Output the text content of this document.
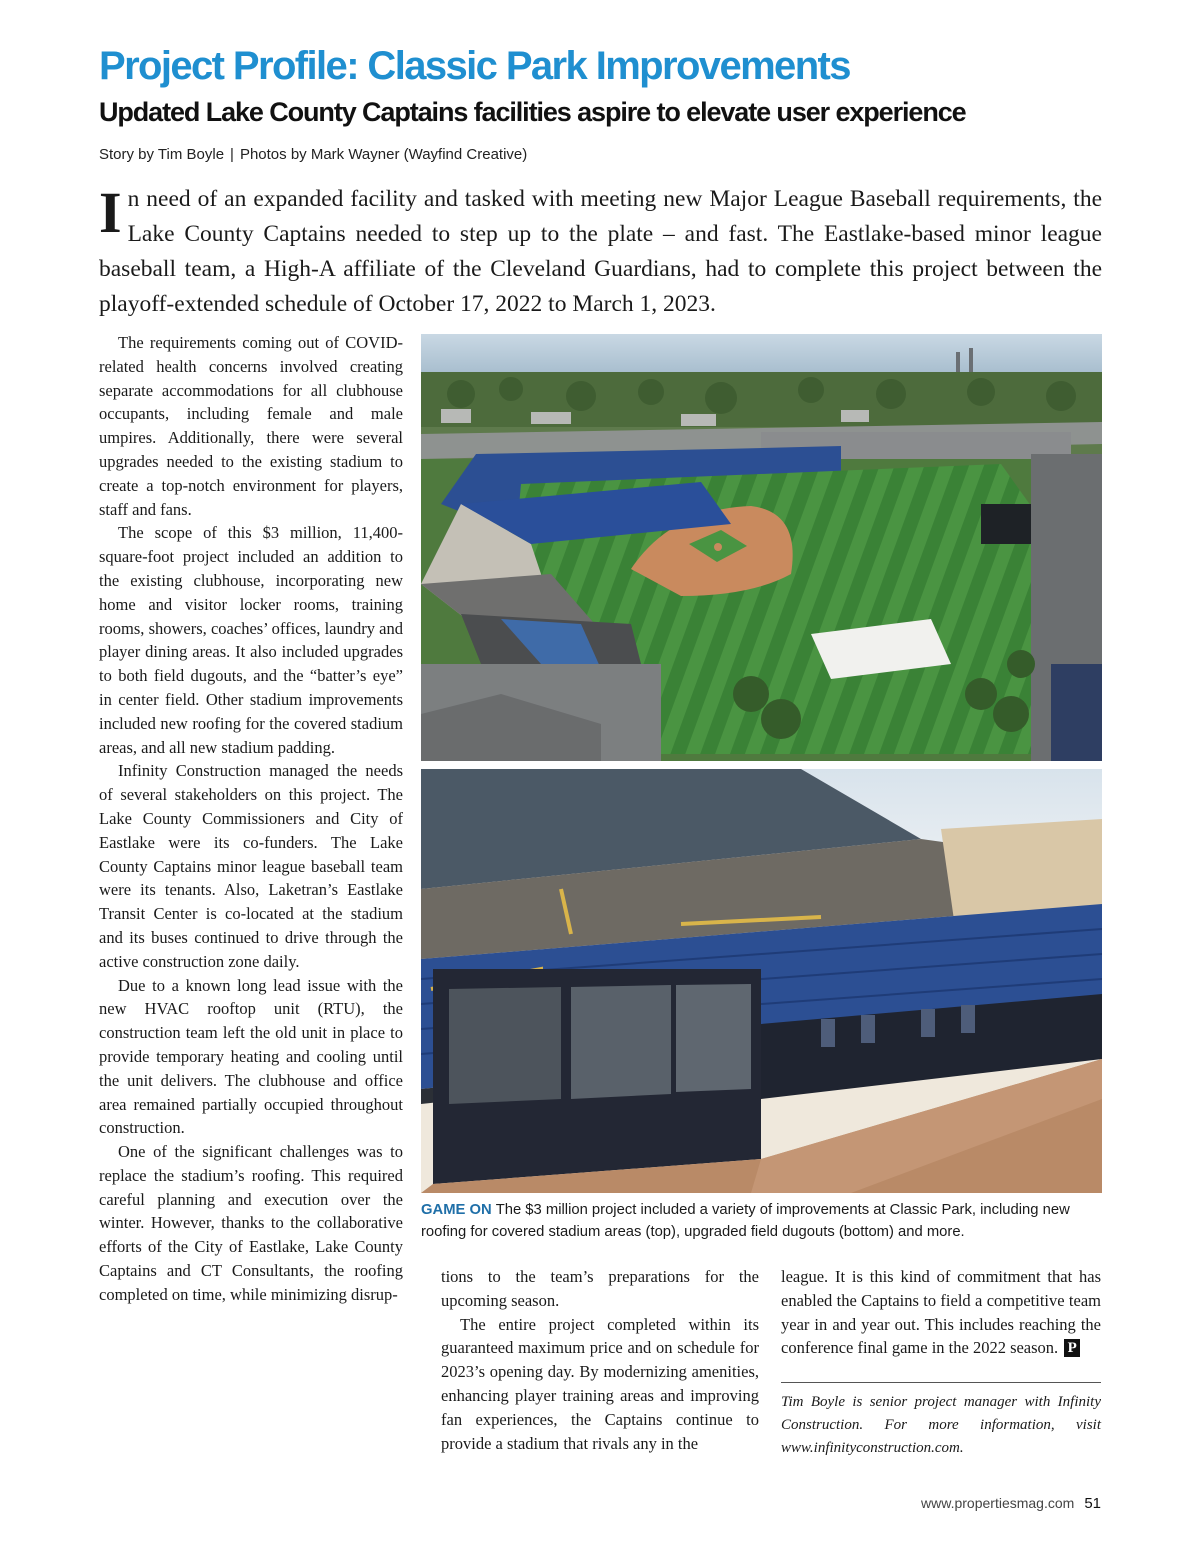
Project Profile: Classic Park Improvements
Updated Lake County Captains facilities aspire to elevate user experience
Story by Tim Boyle | Photos by Mark Wayner (Wayfind Creative)
In need of an expanded facility and tasked with meeting new Major League Baseball requirements, the Lake County Captains needed to step up to the plate – and fast. The Eastlake-based minor league baseball team, a High-A affiliate of the Cleveland Guardians, had to complete this project between the playoff-extended schedule of October 17, 2022 to March 1, 2023.

The requirements coming out of COVID-related health concerns involved creating separate accommodations for all clubhouse occupants, including female and male umpires. Additionally, there were several upgrades needed to the existing stadium to create a top-notch environment for players, staff and fans.

The scope of this $3 million, 11,400-square-foot project included an addition to the existing clubhouse, incorporating new home and visitor locker rooms, training rooms, showers, coaches’ offices, laundry and player dining areas. It also included upgrades to both field dugouts, and the “batter’s eye” in center field. Other stadium improvements included new roofing for the covered stadium areas, and all new stadium padding.

Infinity Construction managed the needs of several stakeholders on this project. The Lake County Commissioners and City of Eastlake were its co-funders. The Lake County Captains minor league baseball team were its tenants. Also, Laketran’s Eastlake Transit Center is co-located at the stadium and its buses continued to drive through the active construction zone daily.

Due to a known long lead issue with the new HVAC rooftop unit (RTU), the construction team left the old unit in place to provide temporary heating and cooling until the unit delivers. The clubhouse and office area remained partially occupied throughout construction.

One of the significant challenges was to replace the stadium’s roofing. This required careful planning and execution over the winter. However, thanks to the collaborative efforts of the City of Eastlake, Lake County Captains and CT Consultants, the roofing completed on time, while minimizing disrup-

GAME ON The $3 million project included a variety of improvements at Classic Park, including new roofing for covered stadium areas (top), upgraded field dugouts (bottom) and more.

tions to the team’s preparations for the upcoming season.

The entire project completed within its guaranteed maximum price and on schedule for 2023’s opening day. By modernizing amenities, enhancing player training areas and improving fan experiences, the Captains continue to provide a stadium that rivals any in the

league. It is this kind of commitment that has enabled the Captains to field a competitive team year in and year out. This includes reaching the conference final game in the 2022 season. P

Tim Boyle is senior project manager with Infinity Construction. For more information, visit www.infinityconstruction.com.

www.propertiesmag.com 51
